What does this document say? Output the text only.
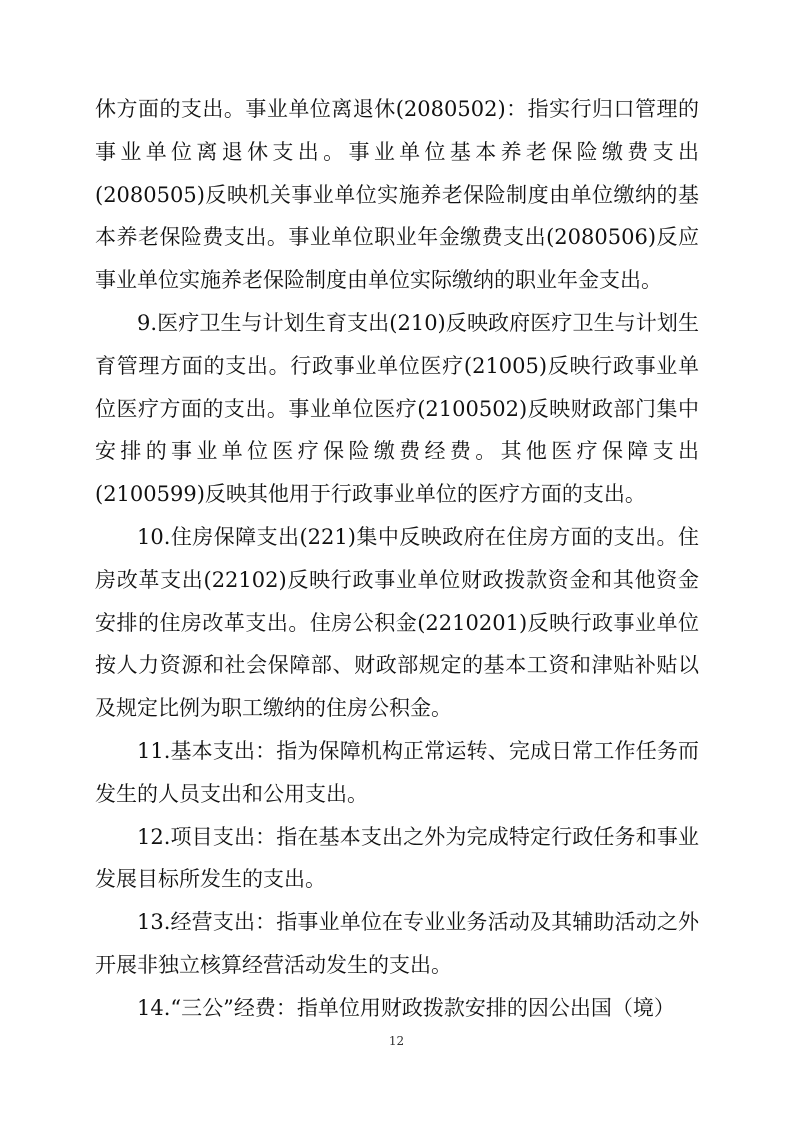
休方面的支出。事业单位离退休(2080502)：指实行归口管理的事业单位离退休支出。事业单位基本养老保险缴费支出(2080505)反映机关事业单位实施养老保险制度由单位缴纳的基本养老保险费支出。事业单位职业年金缴费支出(2080506)反应事业单位实施养老保险制度由单位实际缴纳的职业年金支出。

9.医疗卫生与计划生育支出(210)反映政府医疗卫生与计划生育管理方面的支出。行政事业单位医疗(21005)反映行政事业单位医疗方面的支出。事业单位医疗(2100502)反映财政部门集中安排的事业单位医疗保险缴费经费。其他医疗保障支出(2100599)反映其他用于行政事业单位的医疗方面的支出。

10.住房保障支出(221)集中反映政府在住房方面的支出。住房改革支出(22102)反映行政事业单位财政拨款资金和其他资金安排的住房改革支出。住房公积金(2210201)反映行政事业单位按人力资源和社会保障部、财政部规定的基本工资和津贴补贴以及规定比例为职工缴纳的住房公积金。

11.基本支出：指为保障机构正常运转、完成日常工作任务而发生的人员支出和公用支出。

12.项目支出：指在基本支出之外为完成特定行政任务和事业发展目标所发生的支出。

13.经营支出：指事业单位在专业业务活动及其辅助活动之外开展非独立核算经营活动发生的支出。

14.“三公”经费：指单位用财政拨款安排的因公出国（境）

12
